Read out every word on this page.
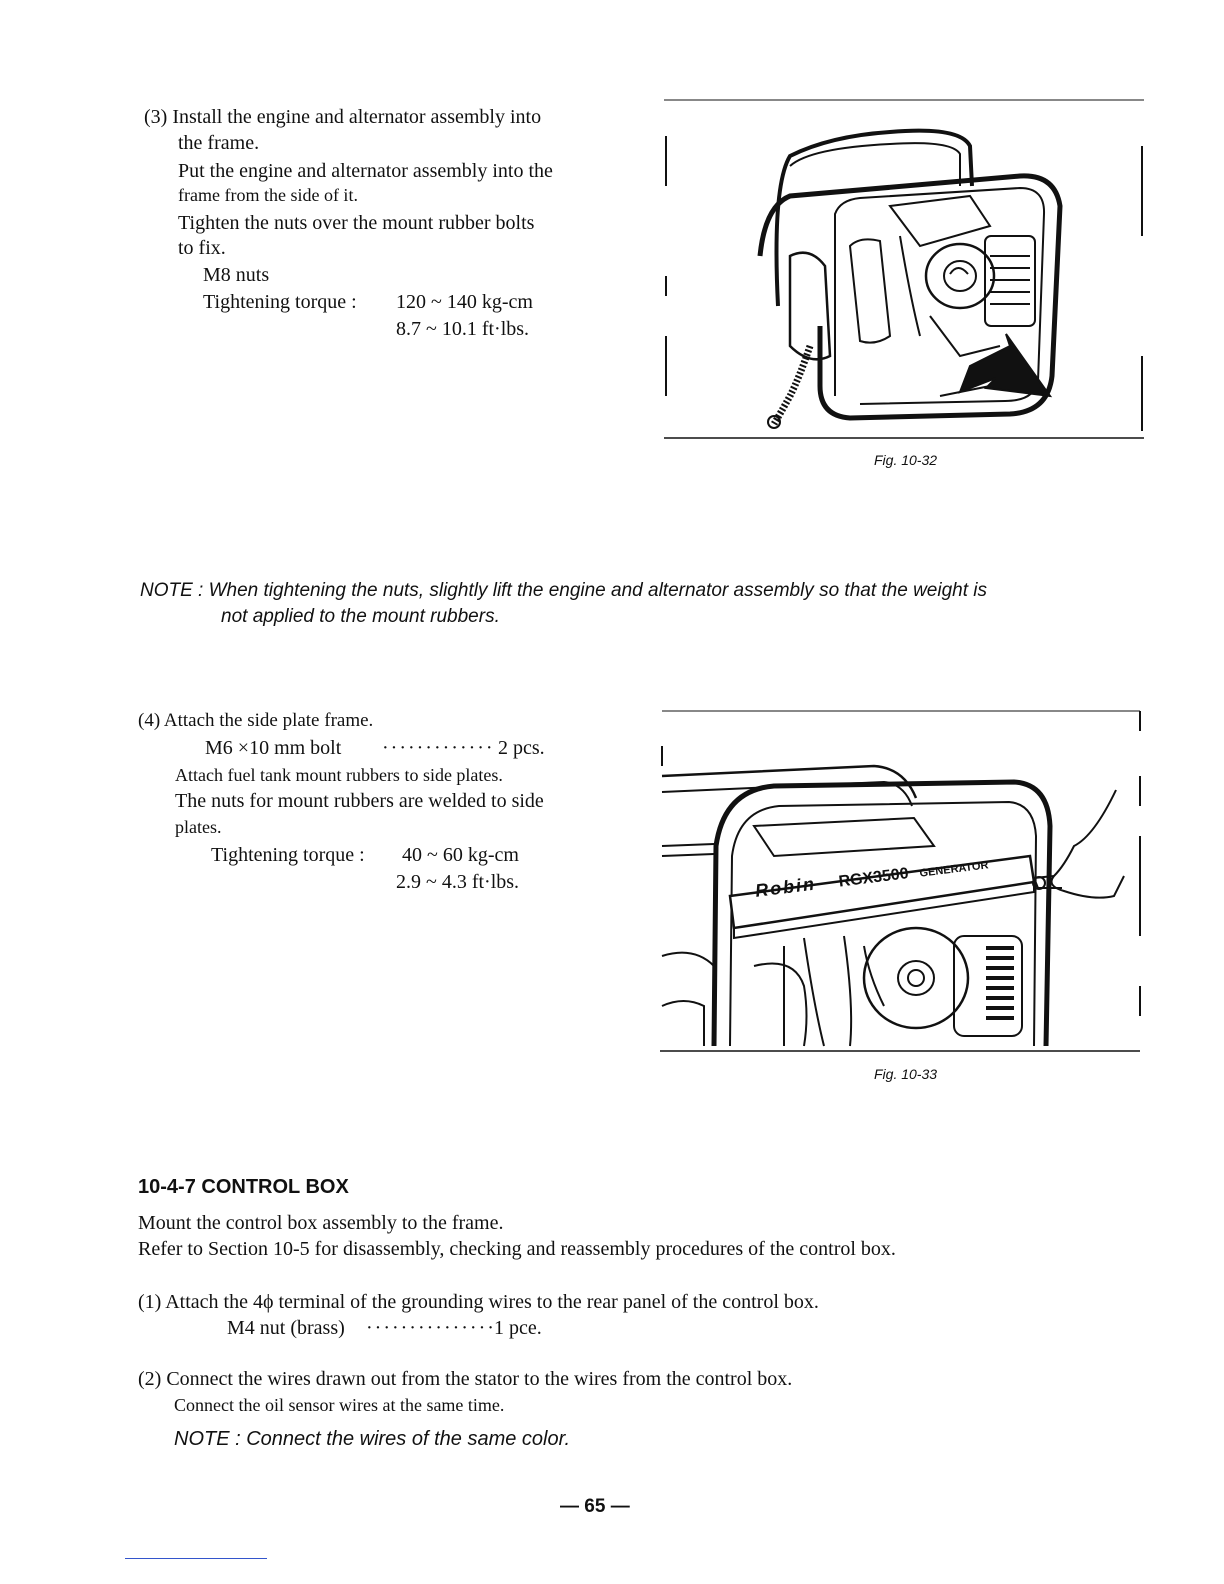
(3) Install the engine and alternator assembly into
the frame.
Put the engine and alternator assembly into the
frame from the side of it.
Tighten the nuts over the mount rubber bolts
to fix.
M8 nuts
Tightening torque : 120 ~ 140 kg-cm
8.7 ~ 10.1 ft·lbs.
Fig. 10-32
NOTE : When tightening the nuts, slightly lift the engine and alternator assembly so that the weight is
not applied to the mount rubbers.
(4) Attach the side plate frame.
M6 ×10 mm bolt ············· 2 pcs.
Attach fuel tank mount rubbers to side plates.
The nuts for mount rubbers are welded to side
plates.
Tightening torque : 40 ~ 60 kg-cm
2.9 ~ 4.3 ft·lbs.	Robin RGX3500 GENERATOR
Fig. 10-33
10-4-7 CONTROL BOX
Mount the control box assembly to the frame.
Refer to Section 10-5 for disassembly, checking and reassembly procedures of the control box.
(1) Attach the 4ϕ terminal of the grounding wires to the rear panel of the control box.
M4 nut (brass) ···············
1 pce.
(2) Connect the wires drawn out from the stator to the wires from the control box.
Connect the oil sensor wires at the same time.
NOTE : Connect the wires of the same color.
— 65 —
